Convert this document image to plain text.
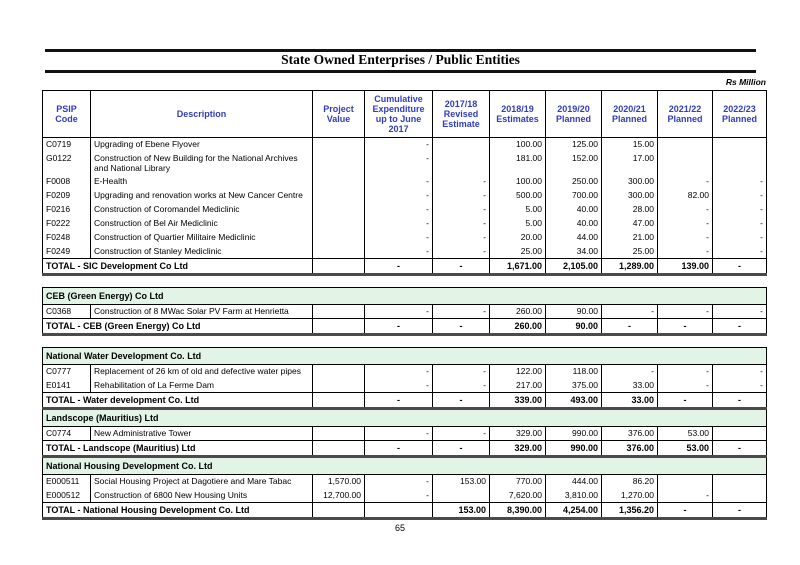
State Owned Enterprises / Public Entities
Rs Million
PSIP Code	Description	Project Value	Cumulative Expenditure up to June 2017	2017/18 Revised Estimate	2018/19 Estimates	2019/20 Planned	2020/21 Planned	2021/22 Planned	2022/23 Planned
C0719	Upgrading of Ebene Flyover		-		100.00	125.00	15.00		
G0122	Construction of New Building for the National Archives and National Library		-		181.00	152.00	17.00		
F0008	E-Health		-	-	100.00	250.00	300.00	-	-
F0209	Upgrading and renovation works at New Cancer Centre		-	-	500.00	700.00	300.00	82.00	-
F0216	Construction of Coromandel Mediclinic		-	-	5.00	40.00	28.00	-	-
F0222	Construction of Bel Air Mediclinic		-	-	5.00	40.00	47.00	-	-
F0248	Construction of Quartier Militaire Mediclinic		-	-	20.00	44.00	21.00	-	-
F0249	Construction of Stanley Mediclinic		-	-	25.00	34.00	25.00	-	-
TOTAL - SIC Development Co Ltd			-	-	1,671.00	2,105.00	1,289.00	139.00	-

CEB (Green Energy) Co Ltd									
C0368	Construction of 8 MWac Solar PV Farm at Henrietta		-	-	260.00	90.00	-	-	-
TOTAL - CEB (Green Energy) Co Ltd			-	-	260.00	90.00	-	-	-

National Water Development Co. Ltd									
C0777	Replacement of 26 km of old and defective water pipes		-	-	122.00	118.00	-	-	-
E0141	Rehabilitation of La Ferme Dam		-	-	217.00	375.00	33.00	-	-
TOTAL - Water development Co. Ltd			-	-	339.00	493.00	33.00	-	-
Landscope (Mauritius) Ltd									
C0774	New Administrative Tower		-	-	329.00	990.00	376.00	53.00	
TOTAL - Landscope (Mauritius) Ltd			-	-	329.00	990.00	376.00	53.00	-
National Housing Development Co. Ltd									
E000511	Social Housing Project at Dagotiere and Mare Tabac	1,570.00	-	153.00	770.00	444.00	86.20		
E000512	Construction of 6800 New Housing Units	12,700.00	-		7,620.00	3,810.00	1,270.00	-	
TOTAL - National Housing Development Co. Ltd				153.00	8,390.00	4,254.00	1,356.20	-	-
65
